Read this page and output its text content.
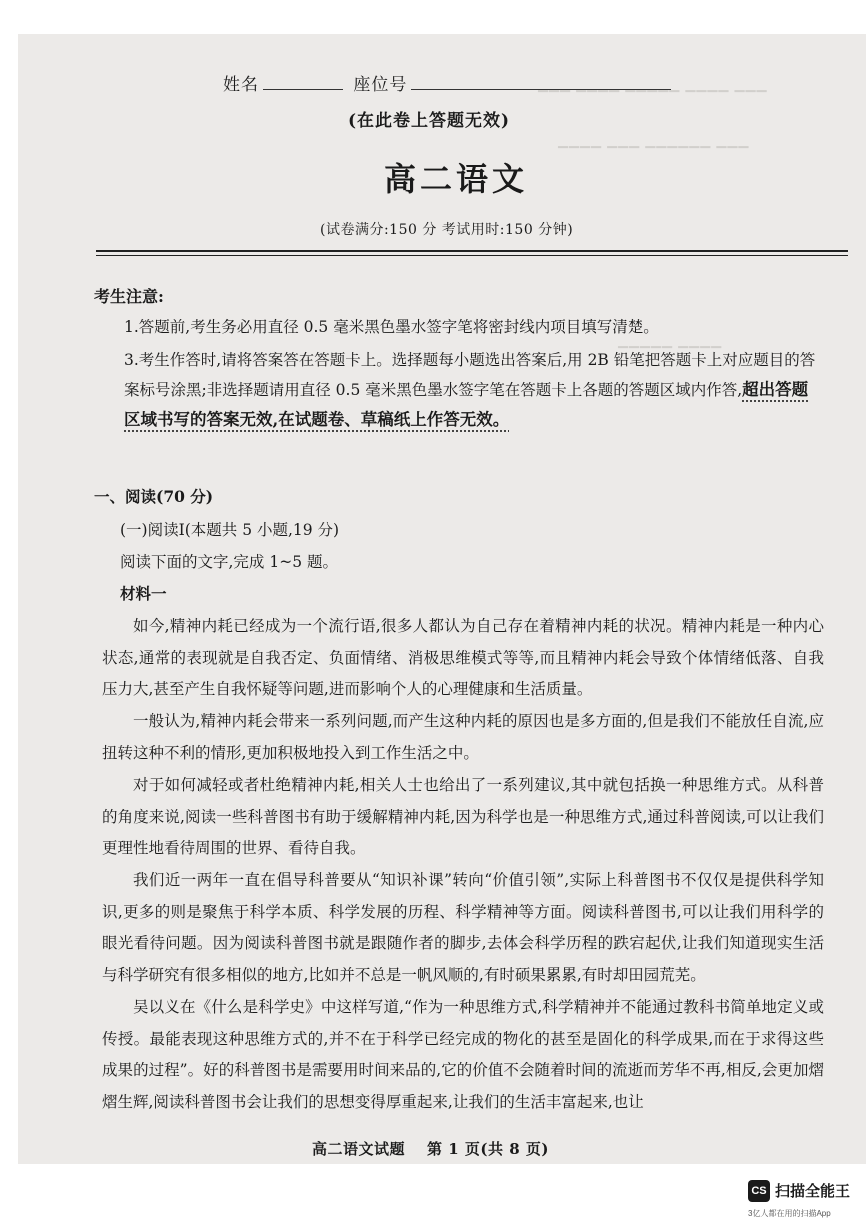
▁▁▁ ▁▁▁▁ ▁▁▁▁▁ ▁▁▁▁ ▁▁▁
▁▁▁▁ ▁▁▁ ▁▁▁▁▁▁ ▁▁▁
▁▁▁▁▁ ▁▁▁▁
姓名	座位号
(在此卷上答题无效)
高二语文
(试卷满分:150 分 考试用时:150 分钟)
考生注意:
1.答题前,考生务必用直径 0.5 毫米黑色墨水签字笔将密封线内项目填写清楚。
3.考生作答时,请将答案答在答题卡上。选择题每小题选出答案后,用 2B 铅笔把答题卡上对应题目的答案标号涂黑;非选择题请用直径 0.5 毫米黑色墨水签字笔在答题卡上各题的答题区域内作答,超出答题区域书写的答案无效,在试题卷、草稿纸上作答无效。
一、阅读(70 分)
(一)阅读Ⅰ(本题共 5 小题,19 分)
阅读下面的文字,完成 1~5 题。
材料一
如今,精神内耗已经成为一个流行语,很多人都认为自己存在着精神内耗的状况。精神内耗是一种内心状态,通常的表现就是自我否定、负面情绪、消极思维模式等等,而且精神内耗会导致个体情绪低落、自我压力大,甚至产生自我怀疑等问题,进而影响个人的心理健康和生活质量。
一般认为,精神内耗会带来一系列问题,而产生这种内耗的原因也是多方面的,但是我们不能放任自流,应扭转这种不利的情形,更加积极地投入到工作生活之中。
对于如何减轻或者杜绝精神内耗,相关人士也给出了一系列建议,其中就包括换一种思维方式。从科普的角度来说,阅读一些科普图书有助于缓解精神内耗,因为科学也是一种思维方式,通过科普阅读,可以让我们更理性地看待周围的世界、看待自我。
我们近一两年一直在倡导科普要从“知识补课”转向“价值引领”,实际上科普图书不仅仅是提供科学知识,更多的则是聚焦于科学本质、科学发展的历程、科学精神等方面。阅读科普图书,可以让我们用科学的眼光看待问题。因为阅读科普图书就是跟随作者的脚步,去体会科学历程的跌宕起伏,让我们知道现实生活与科学研究有很多相似的地方,比如并不总是一帆风顺的,有时硕果累累,有时却田园荒芜。
吴以义在《什么是科学史》中这样写道,“作为一种思维方式,科学精神并不能通过教科书简单地定义或传授。最能表现这种思维方式的,并不在于科学已经完成的物化的甚至是固化的科学成果,而在于求得这些成果的过程”。好的科普图书是需要用时间来品的,它的价值不会随着时间的流逝而芳华不再,相反,会更加熠熠生辉,阅读科普图书会让我们的思想变得厚重起来,让我们的生活丰富起来,也让
高二语文试题 第 1 页(共 8 页)
CS 扫描全能王
3亿人都在用的扫描App
